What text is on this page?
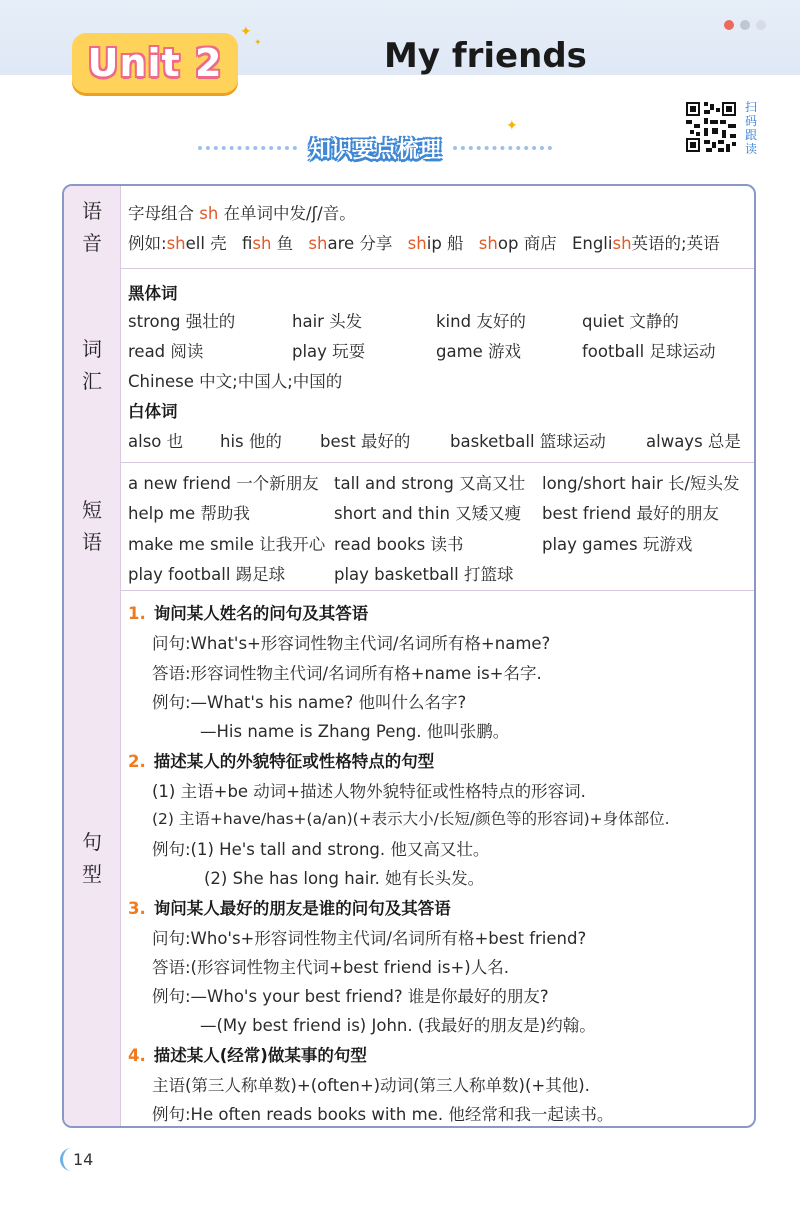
Unit 2
✦
✦	My friends
知识要点梳理
✦
扫
码
跟
读
语
音
字母组合 sh 在单词中发/ʃ/音。
例如:shell 壳 fish 鱼 share 分享 ship 船 shop 商店 English英语的;英语
词
汇
黑体词
strong 强壮的	hair 头发	kind 友好的	quiet 文静的
read 阅读	play 玩耍	game 游戏	football 足球运动
Chinese 中文;中国人;中国的
白体词
also 也 his 他的 best 最好的 basketball 篮球运动 always 总是
短
语
a new friend 一个新朋友 tall and strong 又高又壮 long/short hair 长/短头发
help me 帮助我	short and thin 又矮又瘦 best friend 最好的朋友
make me smile 让我开心 read books 读书	play games 玩游戏
play football 踢足球	play basketball 打篮球
句
型
1. 询问某人姓名的问句及其答语
问句:What's+形容词性物主代词/名词所有格+name?
答语:形容词性物主代词/名词所有格+name is+名字.
例句:—What's his name? 他叫什么名字?
—His name is Zhang Peng. 他叫张鹏。
2. 描述某人的外貌特征或性格特点的句型
(1) 主语+be 动词+描述人物外貌特征或性格特点的形容词.
(2) 主语+have/has+(a/an)(+表示大小/长短/颜色等的形容词)+身体部位.
例句:(1) He's tall and strong. 他又高又壮。
(2) She has long hair. 她有长头发。
3. 询问某人最好的朋友是谁的问句及其答语
问句:Who's+形容词性物主代词/名词所有格+best friend?
答语:(形容词性物主代词+best friend is+)人名.
例句:—Who's your best friend? 谁是你最好的朋友?
—(My best friend is) John. (我最好的朋友是)约翰。
4. 描述某人(经常)做某事的句型
主语(第三人称单数)+(often+)动词(第三人称单数)(+其他).
例句:He often reads books with me. 他经常和我一起读书。
14
